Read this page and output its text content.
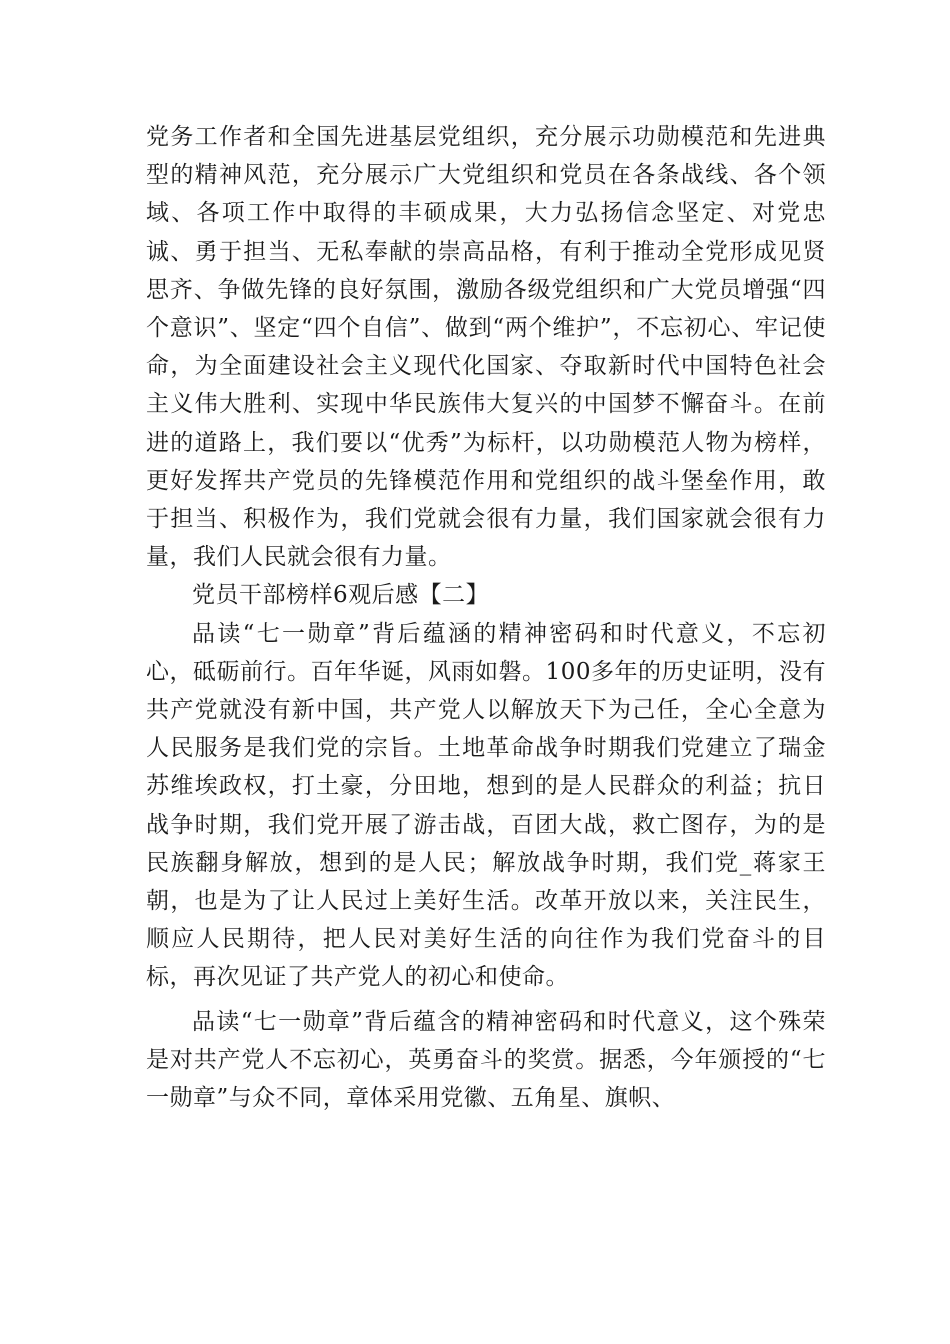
党务工作者和全国先进基层党组织，充分展示功勋模范和先进典型的精神风范，充分展示广大党组织和党员在各条战线、各个领域、各项工作中取得的丰硕成果，大力弘扬信念坚定、对党忠诚、勇于担当、无私奉献的崇高品格，有利于推动全党形成见贤思齐、争做先锋的良好氛围，激励各级党组织和广大党员增强“四个意识”、坚定“四个自信”、做到“两个维护”，不忘初心、牢记使命，为全面建设社会主义现代化国家、夺取新时代中国特色社会主义伟大胜利、实现中华民族伟大复兴的中国梦不懈奋斗。在前进的道路上，我们要以“优秀”为标杆，以功勋模范人物为榜样，更好发挥共产党员的先锋模范作用和党组织的战斗堡垒作用，敢于担当、积极作为，我们党就会很有力量，我们国家就会很有力量，我们人民就会很有力量。

党员干部榜样6观后感【二】

品读“七一勋章”背后蕴涵的精神密码和时代意义，不忘初心，砥砺前行。百年华诞，风雨如磐。100多年的历史证明，没有共产党就没有新中国，共产党人以解放天下为己任，全心全意为人民服务是我们党的宗旨。土地革命战争时期我们党建立了瑞金苏维埃政权，打土豪，分田地，想到的是人民群众的利益；抗日战争时期，我们党开展了游击战，百团大战，救亡图存，为的是民族翻身解放，想到的是人民；解放战争时期，我们党_蒋家王朝，也是为了让人民过上美好生活。改革开放以来，关注民生，顺应人民期待，把人民对美好生活的向往作为我们党奋斗的目标，再次见证了共产党人的初心和使命。

品读“七一勋章”背后蕴含的精神密码和时代意义，这个殊荣是对共产党人不忘初心，英勇奋斗的奖赏。据悉，今年颁授的“七一勋章”与众不同，章体采用党徽、五角星、旗帜、
